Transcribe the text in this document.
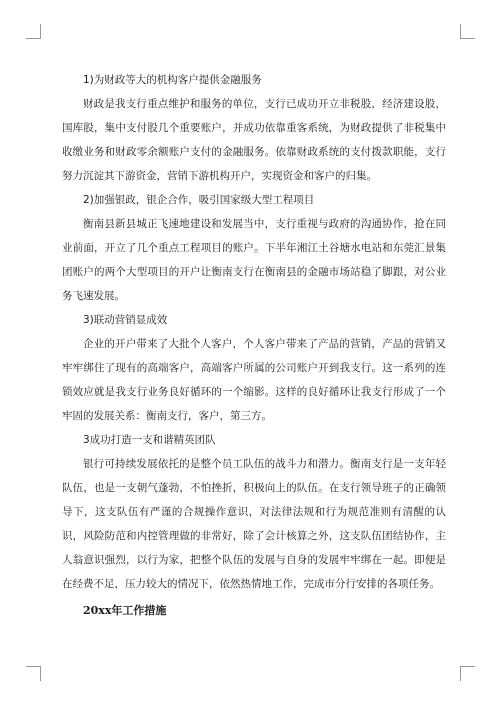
1)为财政等大的机构客户提供金融服务

财政是我支行重点维护和服务的单位，支行已成功开立非税股，经济建设股，国库股，集中支付股几个重要账户，并成功依靠重客系统，为财政提供了非税集中收缴业务和财政零余额账户支付的金融服务。依靠财政系统的支付拨款职能，支行努力沉淀其下游资金，营销下游机构开户，实现资金和客户的归集。

2)加强银政，银企合作，吸引国家级大型工程项目

衡南县新县城正飞速地建设和发展当中，支行重视与政府的沟通协作，抢在同业前面，开立了几个重点工程项目的账户。下半年湘江土谷塘水电站和东莞汇景集团账户的两个大型项目的开户让衡南支行在衡南县的金融市场站稳了脚跟，对公业务飞速发展。

3)联动营销显成效

企业的开户带来了大批个人客户，个人客户带来了产品的营销，产品的营销又牢牢绑住了现有的高端客户，高端客户所属的公司账户开到我支行。这一系列的连锁效应就是我支行业务良好循环的一个缩影。这样的良好循环让我支行形成了一个牢固的发展关系：衡南支行，客户，第三方。

3成功打造一支和谐精英团队

银行可持续发展依托的是整个员工队伍的战斗力和潜力。衡南支行是一支年轻队伍，也是一支朝气蓬勃，不怕挫折，积极向上的队伍。在支行领导班子的正确领导下，这支队伍有严谨的合规操作意识，对法律法规和行为规范准则有清醒的认识，风险防范和内控管理做的非常好，除了会计核算之外，这支队伍团结协作，主人翁意识强烈，以行为家，把整个队伍的发展与自身的发展牢牢绑在一起。即便是在经费不足，压力较大的情况下，依然热情地工作，完成市分行安排的各项任务。

20xx年工作措施
